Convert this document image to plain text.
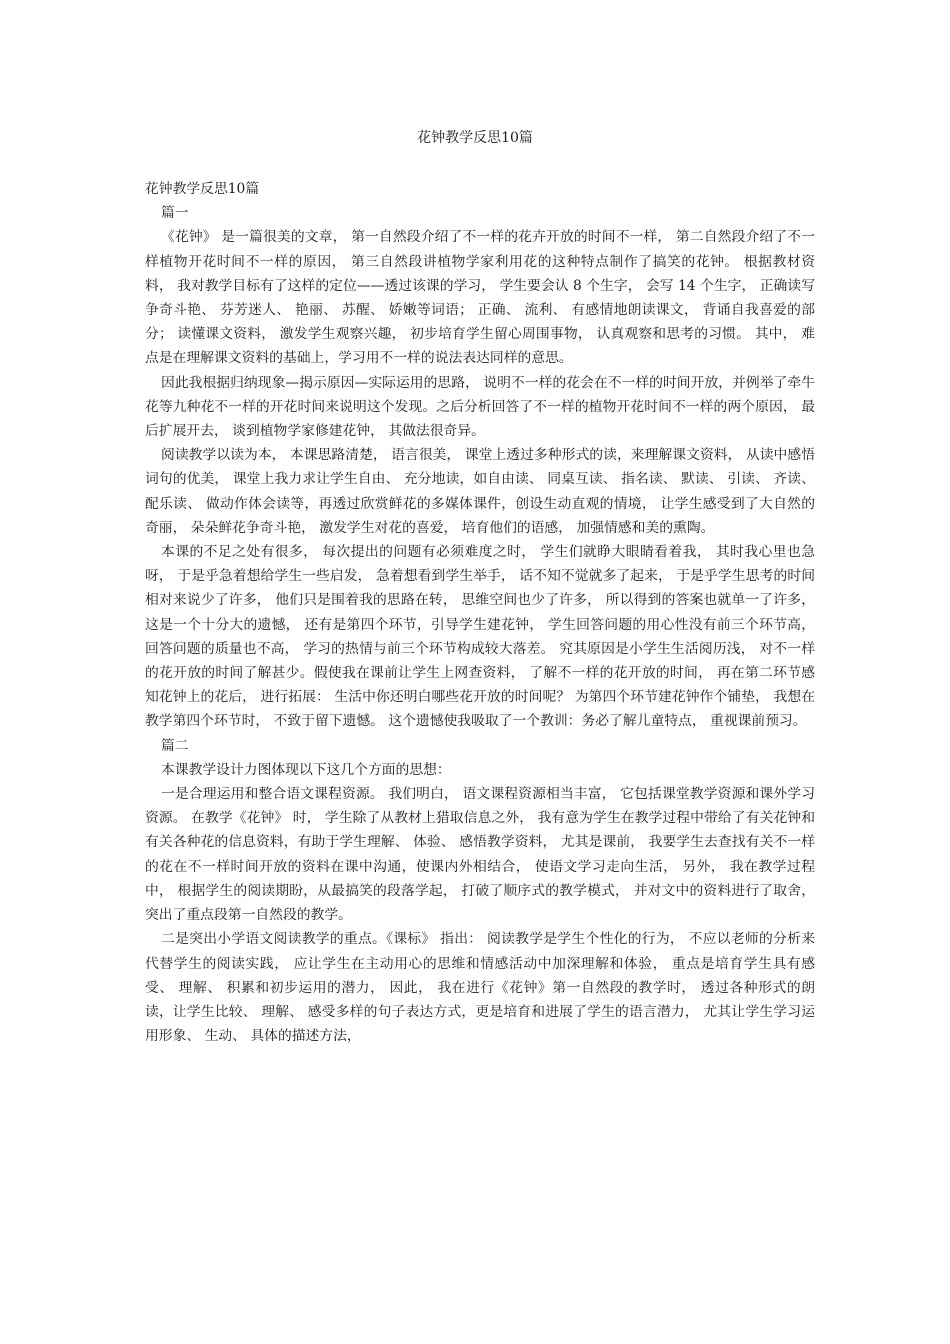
花钟教学反思10篇

花钟教学反思10篇

篇一

《花钟》 是一篇很美的文章， 第一自然段介绍了不一样的花卉开放的时间不一样， 第二自然段介绍了不一样植物开花时间不一样的原因， 第三自然段讲植物学家利用花的这种特点制作了搞笑的花钟。 根据教材资料， 我对教学目标有了这样的定位——透过该课的学习， 学生要会认 8 个生字， 会写 14 个生字， 正确读写争奇斗艳、 芬芳迷人、 艳丽、 苏醒、 娇嫩等词语； 正确、 流利、 有感情地朗读课文， 背诵自我喜爱的部分； 读懂课文资料， 激发学生观察兴趣， 初步培育学生留心周围事物， 认真观察和思考的习惯。 其中， 难点是在理解课文资料的基础上，学习用不一样的说法表达同样的意思。

因此我根据归纳现象—揭示原因—实际运用的思路， 说明不一样的花会在不一样的时间开放，并例举了牵牛花等九种花不一样的开花时间来说明这个发现。之后分析回答了不一样的植物开花时间不一样的两个原因， 最后扩展开去， 谈到植物学家修建花钟， 其做法很奇异。

阅读教学以读为本， 本课思路清楚， 语言很美， 课堂上透过多种形式的读，来理解课文资料， 从读中感悟词句的优美， 课堂上我力求让学生自由、 充分地读，如自由读、 同桌互读、 指名读、 默读、 引读、 齐读、 配乐读、 做动作体会读等，再透过欣赏鲜花的多媒体课件，创设生动直观的情境， 让学生感受到了大自然的奇丽， 朵朵鲜花争奇斗艳， 激发学生对花的喜爱， 培育他们的语感， 加强情感和美的熏陶。

本课的不足之处有很多， 每次提出的问题有必须难度之时， 学生们就睁大眼睛看着我， 其时我心里也急呀， 于是乎急着想给学生一些启发， 急着想看到学生举手， 话不知不觉就多了起来， 于是乎学生思考的时间相对来说少了许多， 他们只是围着我的思路在转， 思维空间也少了许多， 所以得到的答案也就单一了许多，这是一个十分大的遗憾， 还有是第四个环节，引导学生建花钟， 学生回答问题的用心性没有前三个环节高， 回答问题的质量也不高， 学习的热情与前三个环节构成较大落差。 究其原因是小学生生活阅历浅， 对不一样的花开放的时间了解甚少。假使我在课前让学生上网查资料， 了解不一样的花开放的时间， 再在第二环节感知花钟上的花后， 进行拓展： 生活中你还明白哪些花开放的时间呢？ 为第四个环节建花钟作个铺垫， 我想在教学第四个环节时， 不致于留下遗憾。 这个遗憾使我吸取了一个教训：务必了解儿童特点， 重视课前预习。

篇二

本课教学设计力图体现以下这几个方面的思想：

一是合理运用和整合语文课程资源。 我们明白， 语文课程资源相当丰富， 它包括课堂教学资源和课外学习资源。 在教学《花钟》 时， 学生除了从教材上猎取信息之外， 我有意为学生在教学过程中带给了有关花钟和有关各种花的信息资料，有助于学生理解、 体验、 感悟教学资料， 尤其是课前， 我要学生去查找有关不一样的花在不一样时间开放的资料在课中沟通，使课内外相结合， 使语文学习走向生活， 另外， 我在教学过程中， 根据学生的阅读期盼，从最搞笑的段落学起， 打破了顺序式的教学模式， 并对文中的资料进行了取舍， 突出了重点段第一自然段的教学。

二是突出小学语文阅读教学的重点。《课标》 指出： 阅读教学是学生个性化的行为， 不应以老师的分析来代替学生的阅读实践， 应让学生在主动用心的思维和情感活动中加深理解和体验， 重点是培育学生具有感受、 理解、 积累和初步运用的潜力， 因此， 我在进行《花钟》第一自然段的教学时， 透过各种形式的朗读，让学生比较、 理解、 感受多样的句子表达方式，更是培育和进展了学生的语言潜力， 尤其让学生学习运用形象、 生动、 具体的描述方法，
